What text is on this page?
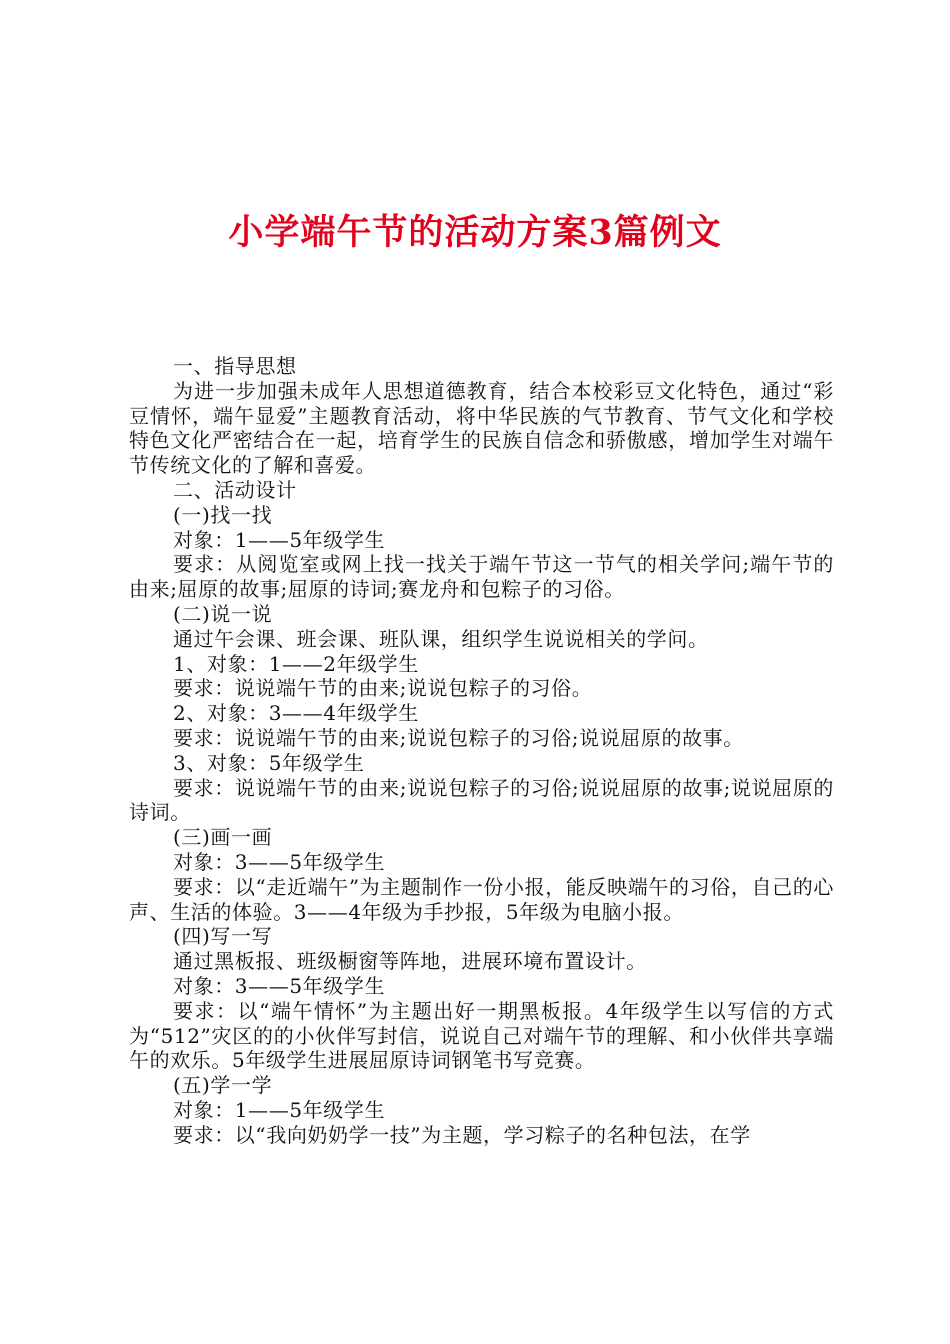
小学端午节的活动方案3篇例文

一、指导思想

为进一步加强未成年人思想道德教育，结合本校彩豆文化特色，通过“彩豆情怀，端午显爱”主题教育活动，将中华民族的气节教育、节气文化和学校特色文化严密结合在一起，培育学生的民族自信念和骄傲感，增加学生对端午节传统文化的了解和喜爱。

二、活动设计

(一)找一找

对象：1——5年级学生

要求：从阅览室或网上找一找关于端午节这一节气的相关学问;端午节的由来;屈原的故事;屈原的诗词;赛龙舟和包粽子的习俗。

(二)说一说

通过午会课、班会课、班队课，组织学生说说相关的学问。

1、对象：1——2年级学生

要求：说说端午节的由来;说说包粽子的习俗。

2、对象：3——4年级学生

要求：说说端午节的由来;说说包粽子的习俗;说说屈原的故事。

3、对象：5年级学生

要求：说说端午节的由来;说说包粽子的习俗;说说屈原的故事;说说屈原的诗词。

(三)画一画

对象：3——5年级学生

要求：以“走近端午”为主题制作一份小报，能反映端午的习俗，自己的心声、生活的体验。3——4年级为手抄报，5年级为电脑小报。

(四)写一写

通过黑板报、班级橱窗等阵地，进展环境布置设计。

对象：3——5年级学生

要求：以“端午情怀”为主题出好一期黑板报。4年级学生以写信的方式为“512”灾区的的小伙伴写封信，说说自己对端午节的理解、和小伙伴共享端午的欢乐。5年级学生进展屈原诗词钢笔书写竞赛。

(五)学一学

对象：1——5年级学生

要求：以“我向奶奶学一技”为主题，学习粽子的名种包法，在学
